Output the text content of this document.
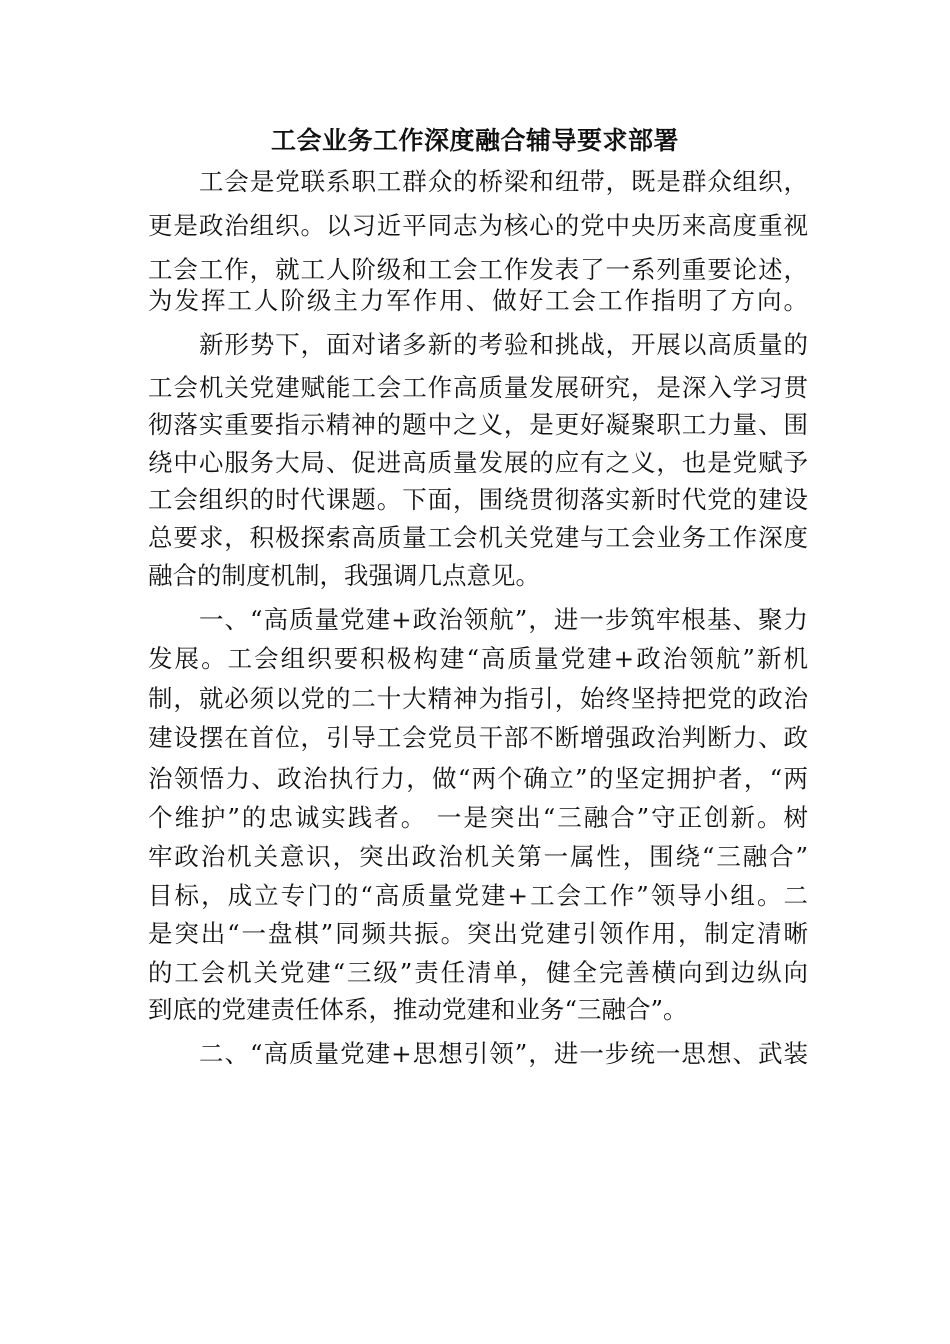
工会业务工作深度融合辅导要求部署

工会是党联系职工群众的桥梁和纽带，既是群众组织，

更是政治组织。以习近平同志为核心的党中央历来高度重视

工会工作，就工人阶级和工会工作发表了一系列重要论述，

为发挥工人阶级主力军作用、做好工会工作指明了方向。

新形势下，面对诸多新的考验和挑战，开展以高质量的

工会机关党建赋能工会工作高质量发展研究，是深入学习贯

彻落实重要指示精神的题中之义，是更好凝聚职工力量、围

绕中心服务大局、促进高质量发展的应有之义，也是党赋予

工会组织的时代课题。下面，围绕贯彻落实新时代党的建设

总要求，积极探索高质量工会机关党建与工会业务工作深度

融合的制度机制，我强调几点意见。

一、“高质量党建+政治领航”，进一步筑牢根基、聚力

发展。工会组织要积极构建“高质量党建+政治领航”新机

制，就必须以党的二十大精神为指引，始终坚持把党的政治

建设摆在首位，引导工会党员干部不断增强政治判断力、政

治领悟力、政治执行力，做“两个确立”的坚定拥护者，“两

个维护”的忠诚实践者。 一是突出“三融合”守正创新。树

牢政治机关意识，突出政治机关第一属性，围绕“三融合”

目标，成立专门的“高质量党建+工会工作”领导小组。二

是突出“一盘棋”同频共振。突出党建引领作用，制定清晰

的工会机关党建“三级”责任清单，健全完善横向到边纵向

到底的党建责任体系，推动党建和业务“三融合”。

二、“高质量党建+思想引领”，进一步统一思想、武装
